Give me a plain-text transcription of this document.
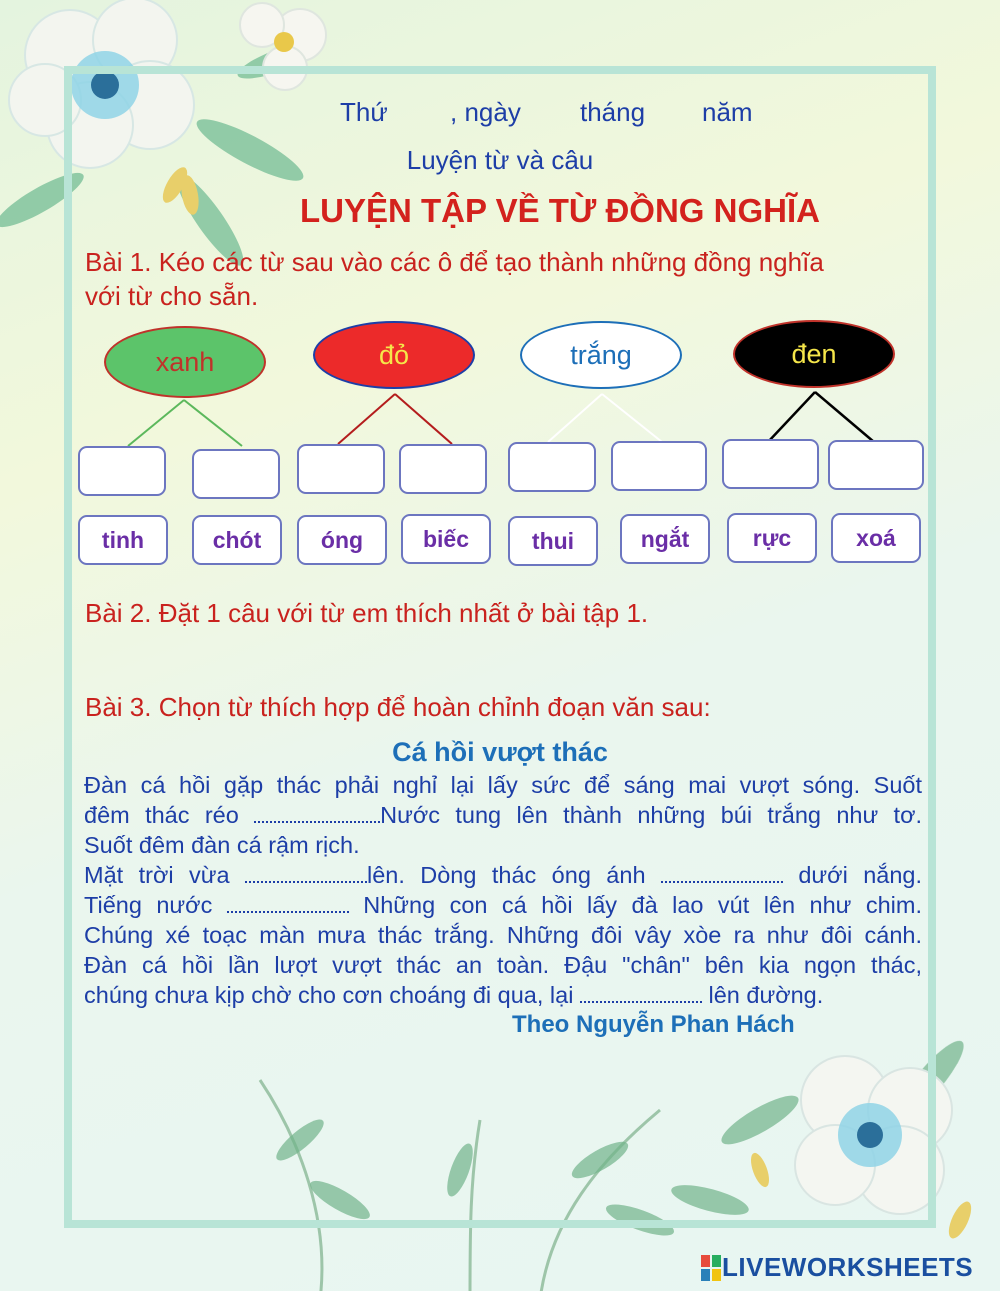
Thứ , ngày tháng năm
Luyện từ và câu
LUYỆN TẬP VỀ TỪ ĐỒNG NGHĨA
Bài 1. Kéo các từ sau vào các ô để tạo thành những đồng nghĩa
với từ cho sẵn.
xanh	đỏ	trắng	đen
tinh	chót	óng	biếc	thui	ngắt	rực	xoá
Bài 2. Đặt 1 câu với từ em thích nhất ở bài tập 1.
Bài 3. Chọn từ thích hợp để hoàn chỉnh đoạn văn sau:
Cá hồi vượt thác
Đàn cá hồi gặp thác phải nghỉ lại lấy sức để sáng mai vượt sóng. Suốt
đêm thác réo	Nước tung lên thành những búi trắng như tơ.
Suốt đêm đàn cá rậm rịch.
Mặt trời vừa	lên. Dòng thác óng ánh	dưới nắng.
Tiếng nước	Những con cá hồi lấy đà lao vút lên như chim.
Chúng xé toạc màn mưa thác trắng. Những đôi vây xòe ra như đôi cánh.
Đàn cá hồi lần lượt vượt thác an toàn. Đậu "chân" bên kia ngọn thác,
chúng chưa kịp chờ cho cơn choáng đi qua, lại	lên đường.
Theo Nguyễn Phan Hách
LIVEWORKSHEETS
